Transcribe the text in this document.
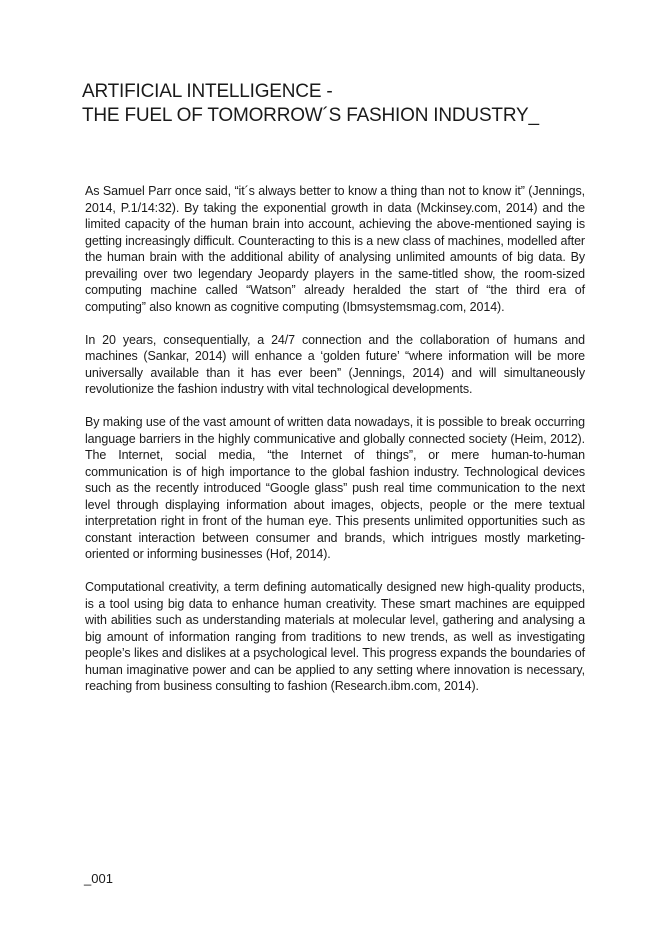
ARTIFICIAL INTELLIGENCE -
THE FUEL OF TOMORROW´S FASHION INDUSTRY_

As Samuel Parr once said, “it´s always better to know a thing than not to know it” (Jennings, 2014, P.1/14:32). By taking the exponential growth in data (Mckinsey.com, 2014) and the limited capacity of the human brain into account, achieving the above-mentioned saying is getting increasingly difficult. Counteracting to this is a new class of machines, modelled after the human brain with the additional ability of analysing unlimited amounts of big data. By prevailing over two legendary Jeopardy players in the same-titled show, the room-sized computing machine called “Watson” already heralded the start of “the third era of computing” also known as cognitive computing (Ibmsystemsmag.com, 2014).

In 20 years, consequentially, a 24/7 connection and the collaboration of humans and machines (Sankar, 2014) will enhance a ‘golden future’ “where information will be more universally available than it has ever been” (Jennings, 2014) and will simultaneously revolutionize the fashion industry with vital technological developments.

By making use of the vast amount of written data nowadays, it is possible to break occurring language barriers in the highly communicative and globally connected society (Heim, 2012). The Internet, social media, “the Internet of things”, or mere human-to-human communication is of high importance to the global fashion industry. Technological devices such as the recently introduced “Google glass” push real time communication to the next level through displaying information about images, objects, people or the mere textual interpretation right in front of the human eye. This presents unlimited opportunities such as constant interaction between consumer and brands, which intrigues mostly marketing-oriented or informing businesses (Hof, 2014).

Computational creativity, a term defining automatically designed new high-quality products, is a tool using big data to enhance human creativity. These smart machines are equipped with abilities such as understanding materials at molecular level, gathering and analysing a big amount of information ranging from traditions to new trends, as well as investigating people’s likes and dislikes at a psychological level. This progress expands the boundaries of human imaginative power and can be applied to any setting where innovation is necessary, reaching from business consulting to fashion (Research.ibm.com, 2014).

_001
